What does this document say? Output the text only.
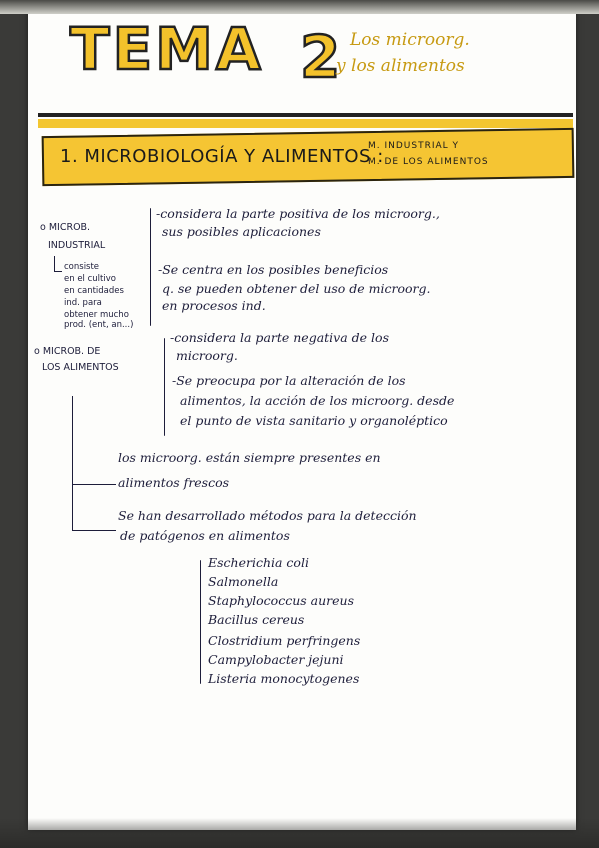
TEMA 2 Los microorg.
y los alimentos
1. MICROBIOLOGÍA Y ALIMENTOS :
M. INDUSTRIAL Y
M. DE LOS ALIMENTOS
o MICROB.
INDUSTRIAL
consiste
en el cultivo
en cantidades
ind. para
obtener mucho
prod. (ent, an...)
-considera la parte positiva de los microorg.,
sus posibles aplicaciones
-Se centra en los posibles beneficios
q. se pueden obtener del uso de microorg.
en procesos ind.
o MICROB. DE
LOS ALIMENTOS
-considera la parte negativa de los
microorg.
-Se preocupa por la alteración de los
alimentos, la acción de los microorg. desde
el punto de vista sanitario y organoléptico
los microorg. están siempre presentes en
alimentos frescos
Se han desarrollado métodos para la detección
de patógenos en alimentos
Escherichia coli
Salmonella
Staphylococcus aureus
Bacillus cereus
Clostridium perfringens
Campylobacter jejuni
Listeria monocytogenes
